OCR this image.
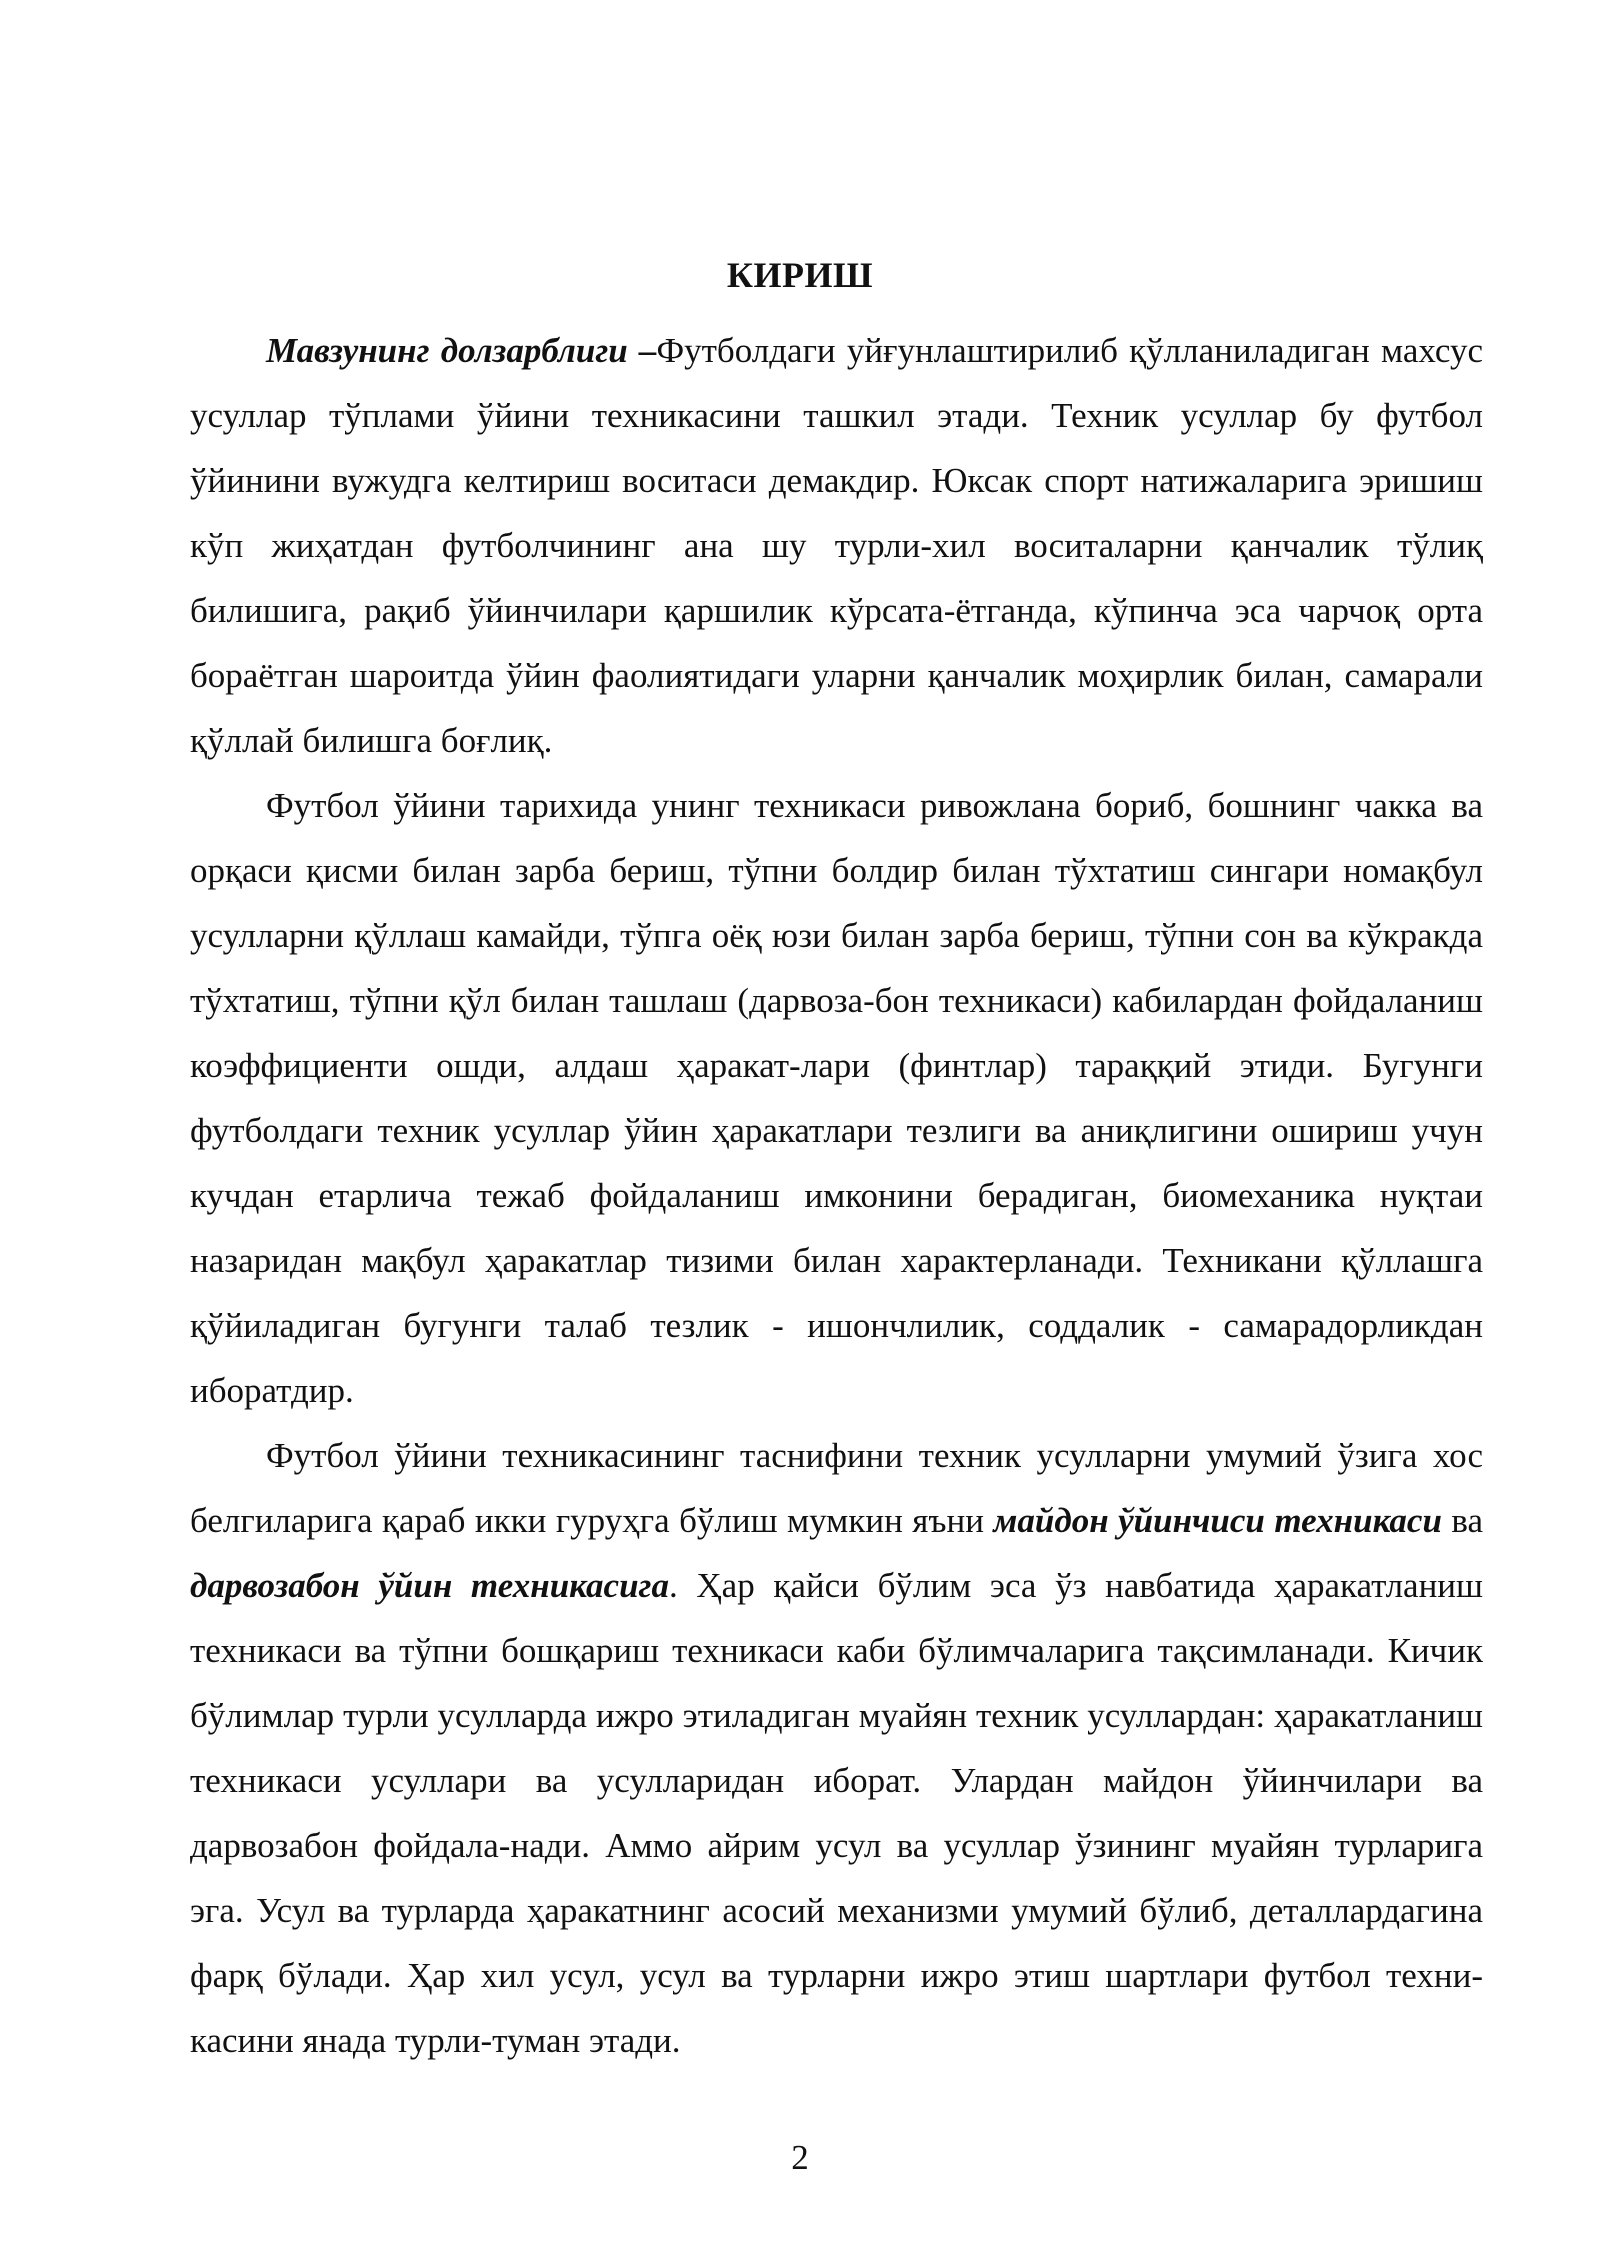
КИРИШ

Мавзунинг долзарблиги –Футболдаги уйғунлаштирилиб қўлланиладиган махсус усуллар тўплами ўйини техникасини ташкил этади. Техник усуллар бу футбол ўйинини вужудга келтириш воситаси демакдир. Юксак спорт натижаларига эришиш кўп жиҳатдан футболчининг ана шу турли-хил воситаларни қанчалик тўлиқ билишига, рақиб ўйинчилари қаршилик кўрсата-ётганда, кўпинча эса чарчоқ орта бораётган шароитда ўйин фаолиятидаги уларни қанчалик моҳирлик билан, самарали қўллай билишга боғлиқ.

Футбол ўйини тарихида унинг техникаси ривожлана бориб, бошнинг чакка ва орқаси қисми билан зарба бериш, тўпни болдир билан тўхтатиш сингари номақбул усулларни қўллаш камайди, тўпга оёқ юзи билан зарба бериш, тўпни сон ва кўкракда тўхтатиш, тўпни қўл билан ташлаш (дарвоза-бон техникаси) кабилардан фойдаланиш коэффициенти ошди, алдаш ҳаракат-лари (финтлар) тараққий этиди. Бугунги футболдаги техник усуллар ўйин ҳаракатлари тезлиги ва аниқлигини ошириш учун кучдан етарлича тежаб фойдаланиш имконини берадиган, биомеханика нуқтаи назаридан мақбул ҳаракатлар тизими билан характерланади. Техникани қўллашга қўйиладиган бугунги талаб тезлик - ишончлилик, соддалик - самарадорликдан иборатдир.

Футбол ўйини техникасининг таснифини техник усулларни умумий ўзига хос белгиларига қараб икки гуруҳга бўлиш мумкин яъни майдон ўйинчиси техникаси ва дарвозабон ўйин техникасига. Ҳар қайси бўлим эса ўз навбатида ҳаракатланиш техникаси ва тўпни бошқариш техникаси каби бўлимчаларига тақсимланади. Кичик бўлимлар турли усулларда ижро этиладиган муайян техник усуллардан: ҳаракатланиш техникаси усуллари ва усулларидан иборат. Улардан майдон ўйинчилари ва дарвозабон фойдала-нади. Аммо айрим усул ва усуллар ўзининг муайян турларига эга. Усул ва турларда ҳаракатнинг асосий механизми умумий бўлиб, деталлардагина фарқ бўлади. Ҳар хил усул, усул ва турларни ижро этиш шартлари футбол техни-касини янада турли-туман этади.

2
